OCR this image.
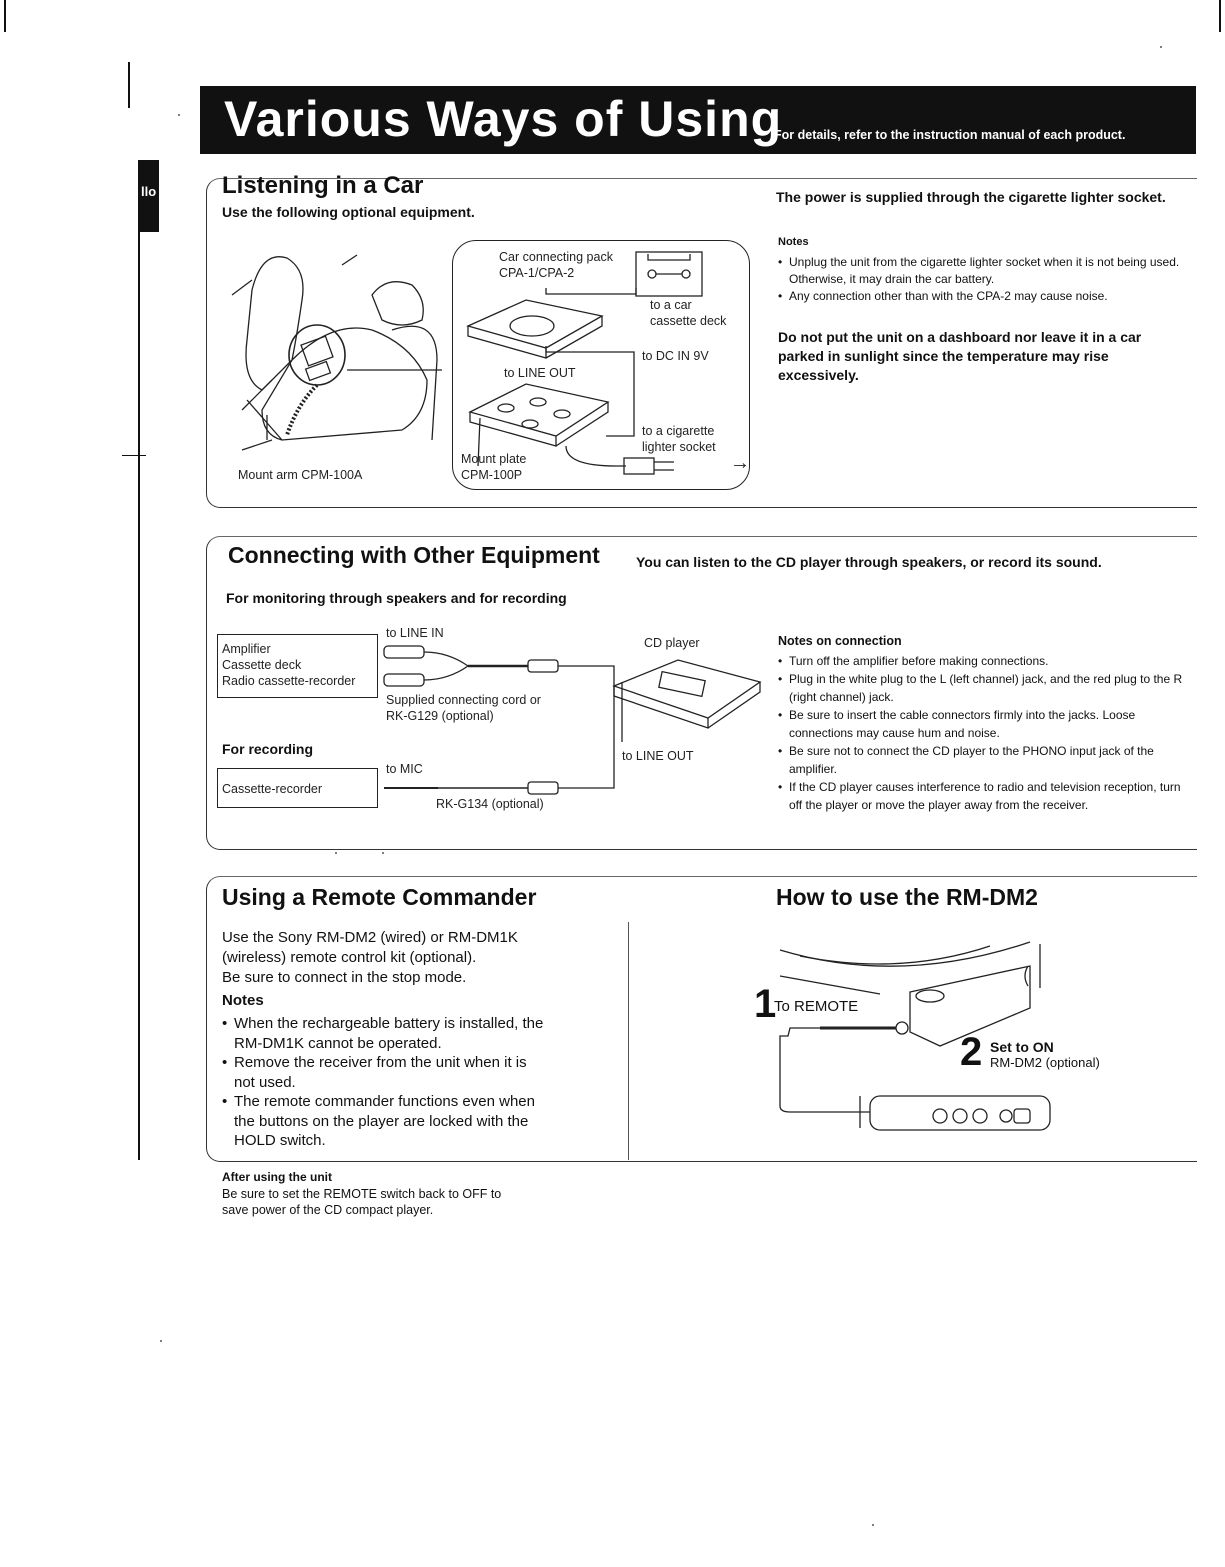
Various Ways of Using
For details, refer to the instruction manual of each product.
llo	Listening in a Car
Use the following optional equipment.
Mount arm CPM-100A
Car connecting pack
CPA-1/CPA-2
to a car
cassette deck
to LINE OUT
to DC IN 9V
to a cigarette
lighter socket
→
Mount plate
CPM-100P
The power is supplied through the cigarette lighter socket.
Notes
• Unplug the unit from the cigarette lighter socket when it is not being used. Otherwise, it may drain the car battery.
• Any connection other than with the CPA-2 may cause noise.
Do not put the unit on a dashboard nor leave it in a car parked in sunlight since the temperature may rise excessively.
Connecting with Other Equipment	You can listen to the CD player through speakers, or record its sound.
For monitoring through speakers and for recording
Amplifier
Cassette deck
Radio cassette-recorder
to LINE IN
Supplied connecting cord or
RK-G129 (optional)
CD player
to LINE OUT
For recording
Cassette-recorder
to MIC
RK-G134 (optional)
Notes on connection
• Turn off the amplifier before making connections.
• Plug in the white plug to the L (left channel) jack, and the red plug to the R (right channel) jack.
• Be sure to insert the cable connectors firmly into the jacks. Loose connections may cause hum and noise.
• Be sure not to connect the CD player to the PHONO input jack of the amplifier.
• If the CD player causes interference to radio and television reception, turn off the player or move the player away from the receiver.
Using a Remote Commander
Use the Sony RM-DM2 (wired) or RM-DM1K
(wireless) remote control kit (optional).
Be sure to connect in the stop mode.
Notes
• When the rechargeable battery is installed, the
RM-DM1K cannot be operated.
• Remove the receiver from the unit when it is
not used.
• The remote commander functions even when
the buttons on the player are locked with the
HOLD switch.
How to use the RM-DM2
1
To REMOTE
2 Set to ON
RM-DM2 (optional)
After using the unit
Be sure to set the REMOTE switch back to OFF to
save power of the CD compact player.
